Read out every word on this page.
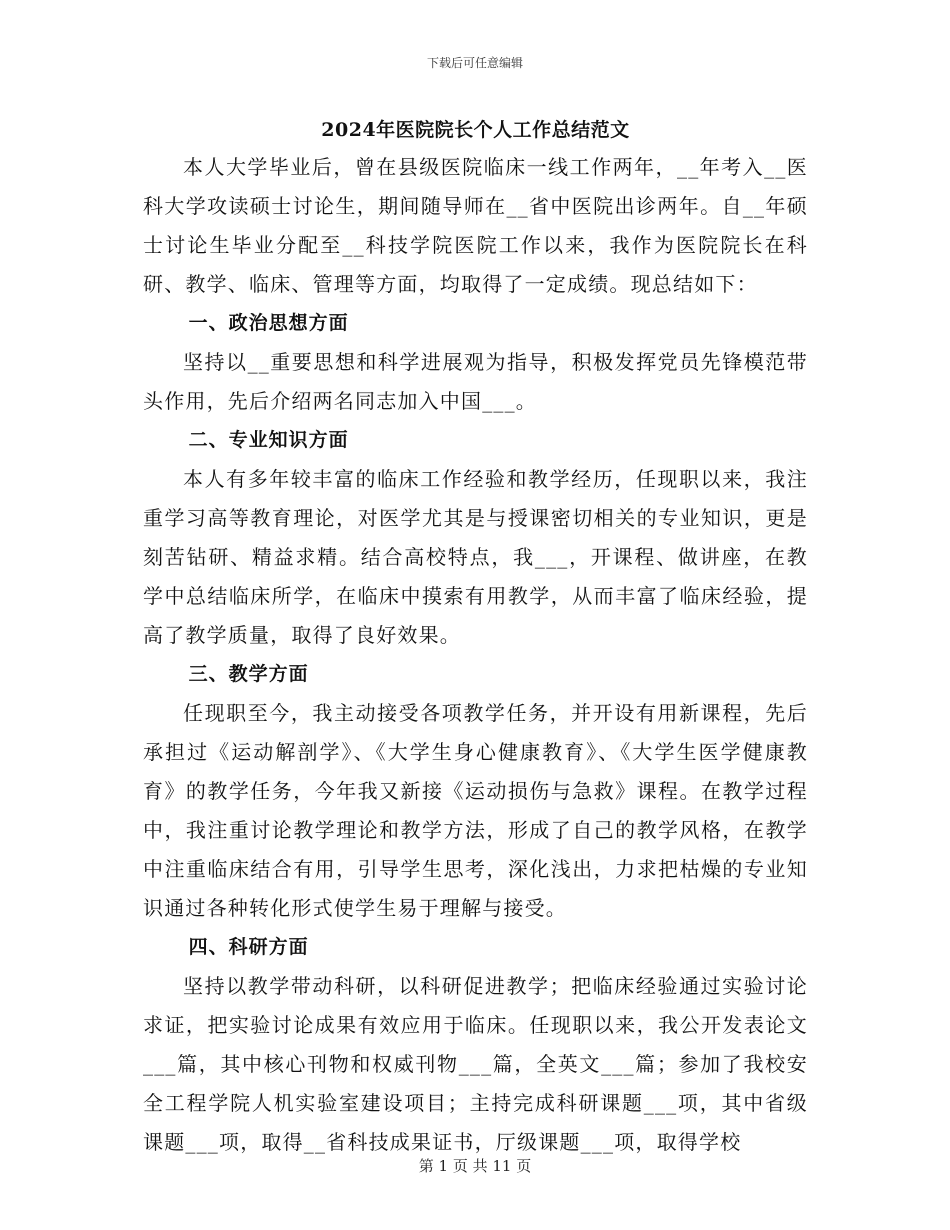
下载后可任意编辑
2024年医院院长个人工作总结范文

本人大学毕业后，曾在县级医院临床一线工作两年，__年考入__医科大学攻读硕士讨论生，期间随导师在__省中医院出诊两年。自__年硕士讨论生毕业分配至__科技学院医院工作以来，我作为医院院长在科研、教学、临床、管理等方面，均取得了一定成绩。现总结如下：

一、政治思想方面

坚持以__重要思想和科学进展观为指导，积极发挥党员先锋模范带头作用，先后介绍两名同志加入中国___。

二、专业知识方面

本人有多年较丰富的临床工作经验和教学经历，任现职以来，我注重学习高等教育理论，对医学尤其是与授课密切相关的专业知识，更是刻苦钻研、精益求精。结合高校特点，我___，开课程、做讲座，在教学中总结临床所学，在临床中摸索有用教学，从而丰富了临床经验，提高了教学质量，取得了良好效果。

三、教学方面

任现职至今，我主动接受各项教学任务，并开设有用新课程，先后承担过《运动解剖学》、《大学生身心健康教育》、《大学生医学健康教育》的教学任务，今年我又新接《运动损伤与急救》课程。在教学过程中，我注重讨论教学理论和教学方法，形成了自己的教学风格，在教学中注重临床结合有用，引导学生思考，深化浅出，力求把枯燥的专业知识通过各种转化形式使学生易于理解与接受。

四、科研方面

坚持以教学带动科研，以科研促进教学；把临床经验通过实验讨论求证，把实验讨论成果有效应用于临床。任现职以来，我公开发表论文___篇，其中核心刊物和权威刊物___篇，全英文___篇；参加了我校安全工程学院人机实验室建设项目；主持完成科研课题___项，其中省级课题___项，取得__省科技成果证书，厅级课题___项，取得学校

第 1 页 共 11 页
